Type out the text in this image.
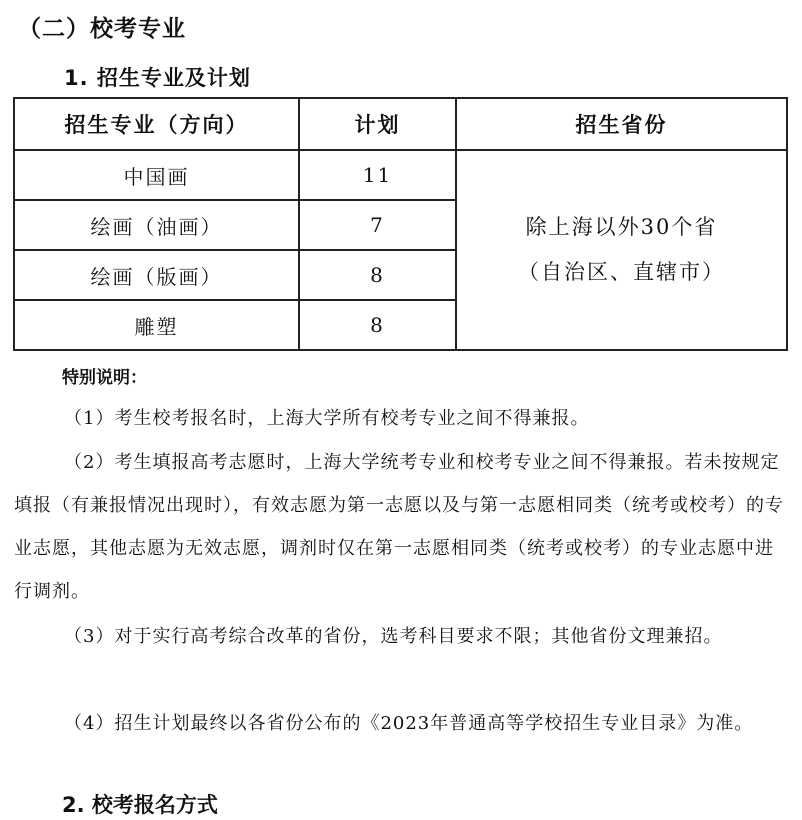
（二）校考专业
1. 招生专业及计划
招生专业（方向）	计划	招生省份
中国画	11	除上海以外30个省
（自治区、直辖市）

绘画（油画）	7	
绘画（版画）	8	
雕塑	8	
特别说明：

（1）考生校考报名时，上海大学所有校考专业之间不得兼报。

（2）考生填报高考志愿时，上海大学统考专业和校考专业之间不得兼报。若未按规定填报（有兼报情况出现时），有效志愿为第一志愿以及与第一志愿相同类（统考或校考）的专业志愿，其他志愿为无效志愿，调剂时仅在第一志愿相同类（统考或校考）的专业志愿中进行调剂。

（3）对于实行高考综合改革的省份，选考科目要求不限；其他省份文理兼招。

（4）招生计划最终以各省份公布的《2023年普通高等学校招生专业目录》为准。

2. 校考报名方式
